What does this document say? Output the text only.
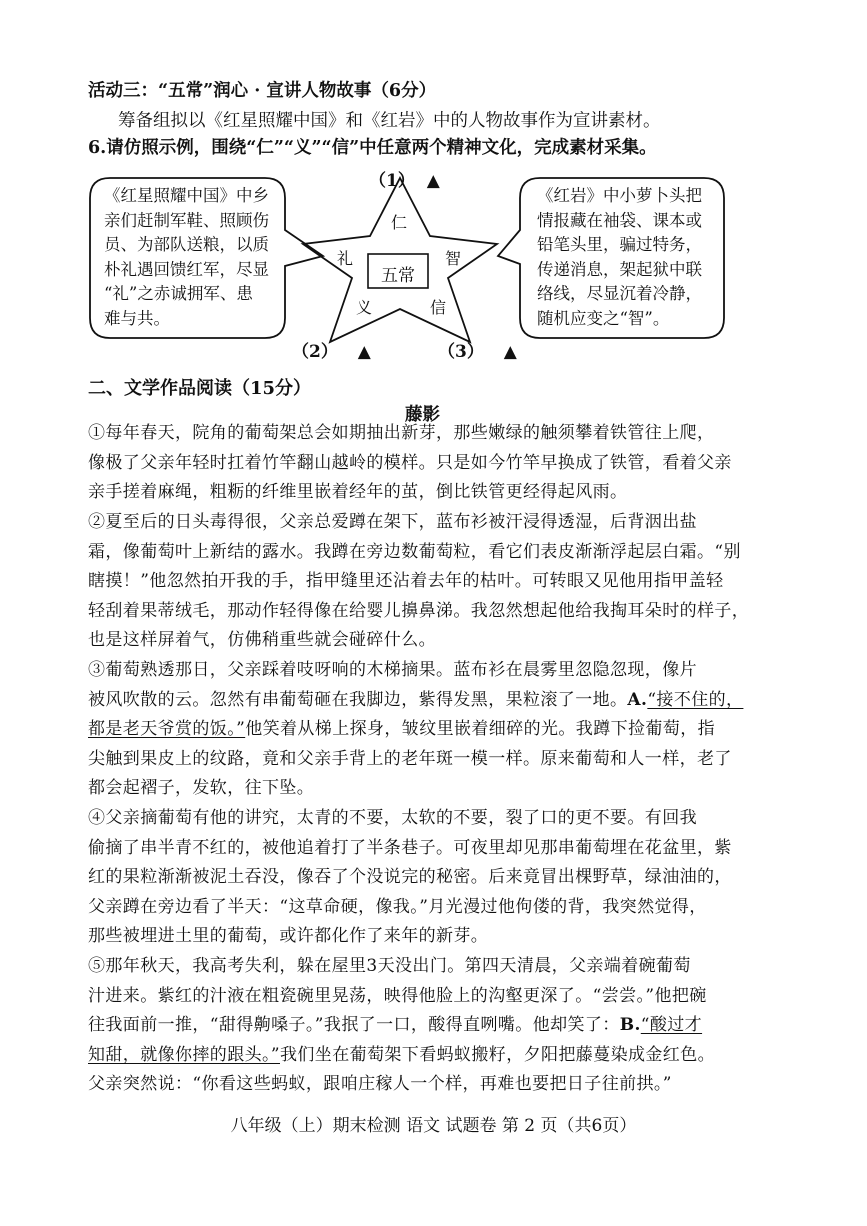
活动三：“五常”润心 · 宣讲人物故事（6分）
筹备组拟以《红星照耀中国》和《红岩》中的人物故事作为宣讲素材。
6.请仿照示例，围绕“仁”“义”“信”中任意两个精神文化，完成素材采集。
《红星照耀中国》中乡
亲们赶制军鞋、照顾伤
员、为部队送粮，以质
朴礼遇回馈红军，尽显
“礼”之赤诚拥军、患
难与共。
《红岩》中小萝卜头把
情报藏在袖袋、课本或
铅笔头里，骗过特务，
传递消息，架起狱中联
络线，尽显沉着冷静，
随机应变之“智”。
仁
礼	智
义	信
五常
（1） ▲
（2） ▲	（3） ▲
二、文学作品阅读（15分）
藤影
①每年春天，院角的葡萄架总会如期抽出新芽，那些嫩绿的触须攀着铁管往上爬，
像极了父亲年轻时扛着竹竿翻山越岭的模样。只是如今竹竿早换成了铁管，看着父亲
亲手搓着麻绳，粗粝的纤维里嵌着经年的茧，倒比铁管更经得起风雨。
②夏至后的日头毒得很，父亲总爱蹲在架下，蓝布衫被汗浸得透湿，后背洇出盐
霜，像葡萄叶上新结的露水。我蹲在旁边数葡萄粒，看它们表皮渐渐浮起层白霜。“别
瞎摸！”他忽然拍开我的手，指甲缝里还沾着去年的枯叶。可转眼又见他用指甲盖轻
轻刮着果蒂绒毛，那动作轻得像在给婴儿擤鼻涕。我忽然想起他给我掏耳朵时的样子，
也是这样屏着气，仿佛稍重些就会碰碎什么。
③葡萄熟透那日，父亲踩着吱呀响的木梯摘果。蓝布衫在晨雾里忽隐忽现，像片
被风吹散的云。忽然有串葡萄砸在我脚边，紫得发黑，果粒滚了一地。A.“接不住的，
都是老天爷赏的饭。”他笑着从梯上探身，皱纹里嵌着细碎的光。我蹲下捡葡萄，指
尖触到果皮上的纹路，竟和父亲手背上的老年斑一模一样。原来葡萄和人一样，老了
都会起褶子，发软，往下坠。
④父亲摘葡萄有他的讲究，太青的不要，太软的不要，裂了口的更不要。有回我
偷摘了串半青不红的，被他追着打了半条巷子。可夜里却见那串葡萄埋在花盆里，紫
红的果粒渐渐被泥土吞没，像吞了个没说完的秘密。后来竟冒出棵野草，绿油油的，
父亲蹲在旁边看了半天：“这草命硬，像我。”月光漫过他佝偻的背，我突然觉得，
那些被埋进土里的葡萄，或许都化作了来年的新芽。
⑤那年秋天，我高考失利，躲在屋里3天没出门。第四天清晨，父亲端着碗葡萄
汁进来。紫红的汁液在粗瓷碗里晃荡，映得他脸上的沟壑更深了。“尝尝。”他把碗
往我面前一推，“甜得齁嗓子。”我抿了一口，酸得直咧嘴。他却笑了：B.“酸过才
知甜，就像你摔的跟头。”我们坐在葡萄架下看蚂蚁搬籽，夕阳把藤蔓染成金红色。
父亲突然说：“你看这些蚂蚁，跟咱庄稼人一个样，再难也要把日子往前拱。”
八年级（上）期末检测 语文 试题卷 第 2 页（共6页）
